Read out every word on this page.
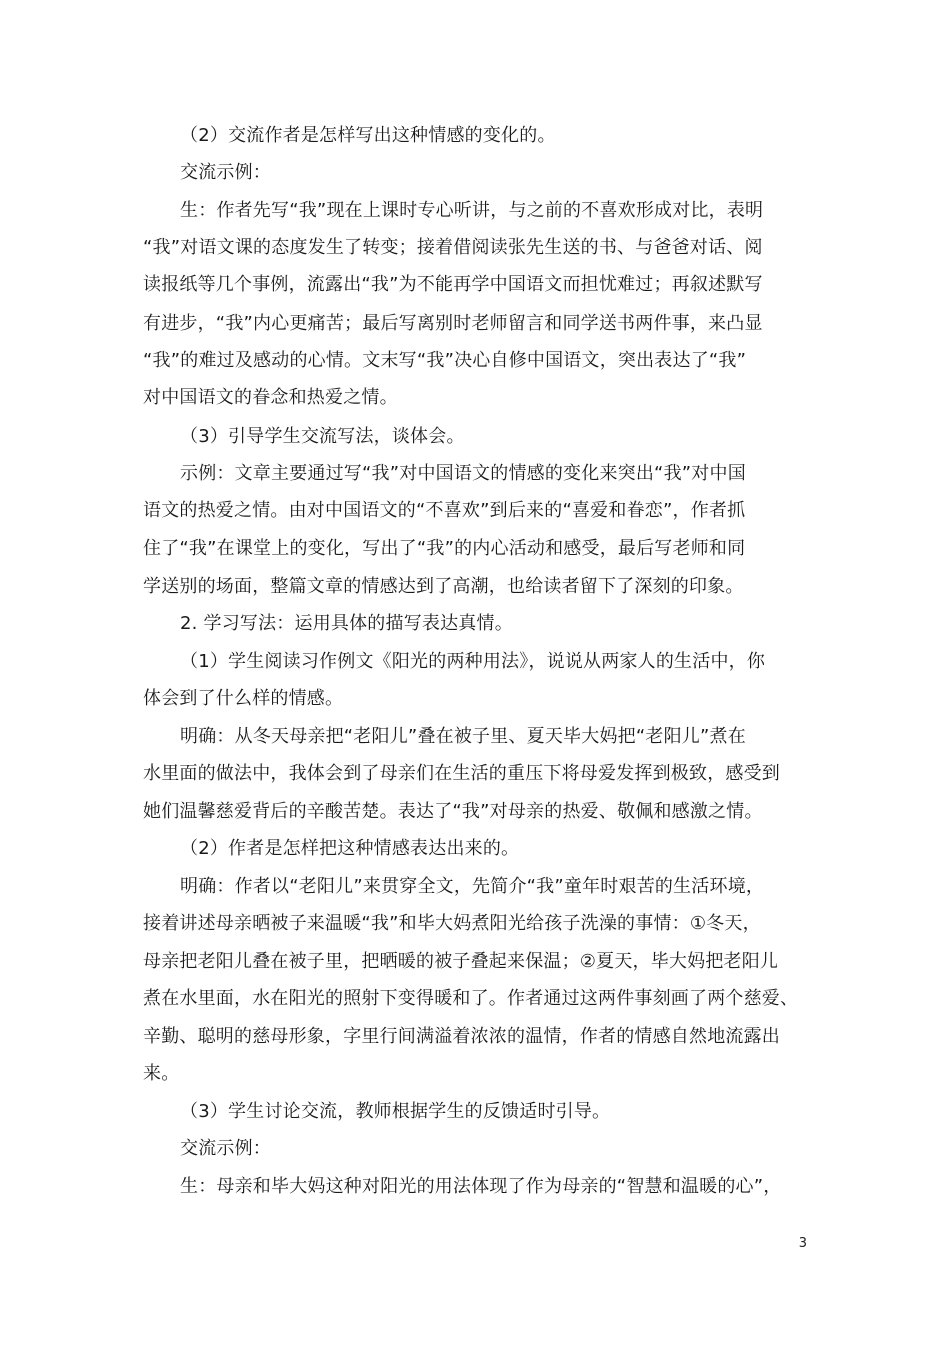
（2）交流作者是怎样写出这种情感的变化的。
交流示例：
生：作者先写“我”现在上课时专心听讲，与之前的不喜欢形成对比，表明
“我”对语文课的态度发生了转变；接着借阅读张先生送的书、与爸爸对话、阅
读报纸等几个事例，流露出“我”为不能再学中国语文而担忧难过；再叙述默写
有进步，“我”内心更痛苦；最后写离别时老师留言和同学送书两件事，来凸显
“我”的难过及感动的心情。文末写“我”决心自修中国语文，突出表达了“我”
对中国语文的眷念和热爱之情。
（3）引导学生交流写法，谈体会。
示例：文章主要通过写“我”对中国语文的情感的变化来突出“我”对中国
语文的热爱之情。由对中国语文的“不喜欢”到后来的“喜爱和眷恋”，作者抓
住了“我”在课堂上的变化，写出了“我”的内心活动和感受，最后写老师和同
学送别的场面，整篇文章的情感达到了高潮，也给读者留下了深刻的印象。
2. 学习写法：运用具体的描写表达真情。
（1）学生阅读习作例文《阳光的两种用法》，说说从两家人的生活中，你
体会到了什么样的情感。
明确：从冬天母亲把“老阳儿”叠在被子里、夏天毕大妈把“老阳儿”煮在
水里面的做法中，我体会到了母亲们在生活的重压下将母爱发挥到极致，感受到
她们温馨慈爱背后的辛酸苦楚。表达了“我”对母亲的热爱、敬佩和感激之情。
（2）作者是怎样把这种情感表达出来的。
明确：作者以“老阳儿”来贯穿全文，先简介“我”童年时艰苦的生活环境，
接着讲述母亲晒被子来温暖“我”和毕大妈煮阳光给孩子洗澡的事情：①冬天，
母亲把老阳儿叠在被子里，把晒暖的被子叠起来保温；②夏天，毕大妈把老阳儿
煮在水里面，水在阳光的照射下变得暖和了。作者通过这两件事刻画了两个慈爱、
辛勤、聪明的慈母形象，字里行间满溢着浓浓的温情，作者的情感自然地流露出
来。
（3）学生讨论交流，教师根据学生的反馈适时引导。
交流示例：
生：母亲和毕大妈这种对阳光的用法体现了作为母亲的“智慧和温暖的心”，
3
